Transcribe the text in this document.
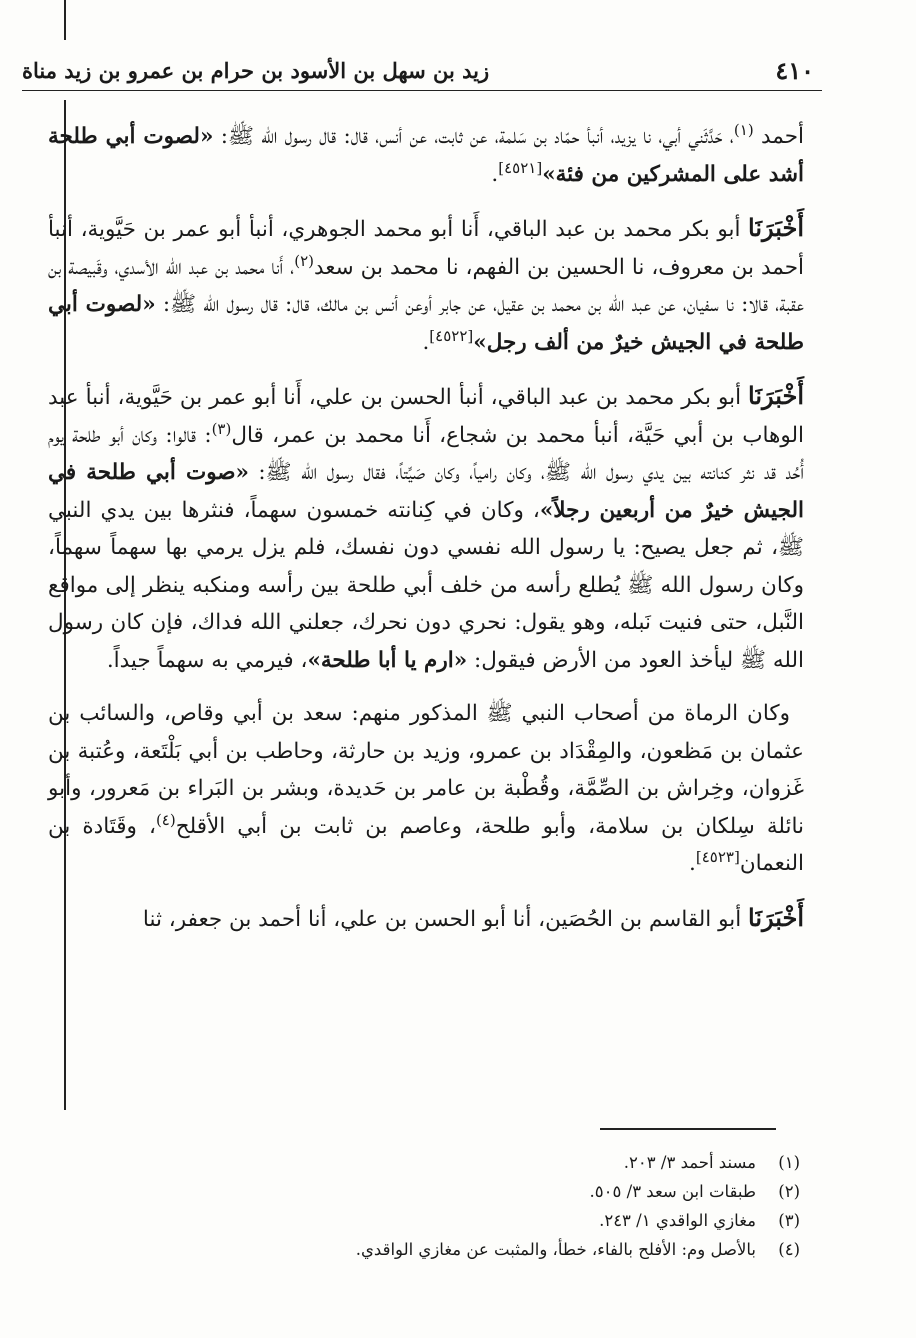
٤١٠
زيد بن سهل بن الأسود بن حرام بن عمرو بن زيد مناة

أحمد $^{(١)}$، حَدَّثَني أبي، نا يزيد، أنبأ حمّاد بن سَلمة، عن ثابت، عن أنس، قال: قال رسول الله ﷺ: «لصوت أبي طلحة أشد على المشركين من فئة»[٤٥٢١].

أَخْبَرَنَا أبو بكر محمد بن عبد الباقي، أَنا أبو محمد الجوهري، أنبأ أبو عمر بن حَيَّوية، أنبأ أحمد بن معروف، نا الحسين بن الفهم، نا محمد بن سعد$^{(٢)}$، أَنا محمد بن عبد الله الأسدي، وقَبيصة بن عقبة، قالا: نا سفيان، عن عبد الله بن محمد بن عقيل، عن جابر أوعن أنس بن مالك، قال: قال رسول الله ﷺ: «لصوت أبي طلحة في الجيش خيرٌ من ألف رجل»[٤٥٢٢].

أَخْبَرَنَا أبو بكر محمد بن عبد الباقي، أنبأ الحسن بن علي، أَنا أبو عمر بن حَيَّوية، أنبأ عبد الوهاب بن أبي حَيَّة، أنبأ محمد بن شجاع، أَنا محمد بن عمر، قال$^{(٣)}$: قالوا: وكان أبو طلحة يوم أُحُد قد نثر كنانته بين يدي رسول الله ﷺ، وكان رامياً، وكان صَيِّتاً، فقال رسول الله ﷺ: «صوت أبي طلحة في الجيش خيرٌ من أربعين رجلاً»، وكان في كِنانته خمسون سهماً، فنثرها بين يدي النبي ﷺ، ثم جعل يصيح: يا رسول الله نفسي دون نفسك، فلم يزل يرمي بها سهماً سهماً، وكان رسول الله ﷺ يُطلع رأسه من خلف أبي طلحة بين رأسه ومنكبه ينظر إلى مواقع النَّبل، حتى فنيت نَبله، وهو يقول: نحري دون نحرك، جعلني الله فداك، فإن كان رسول الله ﷺ ليأخذ العود من الأرض فيقول: «ارم يا أبا طلحة»، فيرمي به سهماً جيداً.

وكان الرماة من أصحاب النبي ﷺ المذكور منهم: سعد بن أبي وقاص، والسائب بن عثمان بن مَظعون، والمِقْدَاد بن عمرو، وزيد بن حارثة، وحاطب بن أبي بَلْتَعة، وعُتبة بن غَزوان، وخِراش بن الصِّمَّة، وقُطْبة بن عامر بن حَديدة، وبشر بن البَراء بن مَعرور، وأبو نائلة سِلكان بن سلامة، وأبو طلحة، وعاصم بن ثابت بن أبي الأقلح$^{(٤)}$، وقَتَادة بن النعمان[٤٥٢٣].

أَخْبَرَنَا أبو القاسم بن الحُصَين، أنا أبو الحسن بن علي، أنا أحمد بن جعفر، ثنا

(١)
مسند أحمد ٣/ ٢٠٣.
(٢)
طبقات ابن سعد ٣/ ٥٠٥.
(٣)
مغازي الواقدي ١/ ٢٤٣.
(٤)
بالأصل وم: الأفلح بالفاء، خطأ، والمثبت عن مغازي الواقدي.
